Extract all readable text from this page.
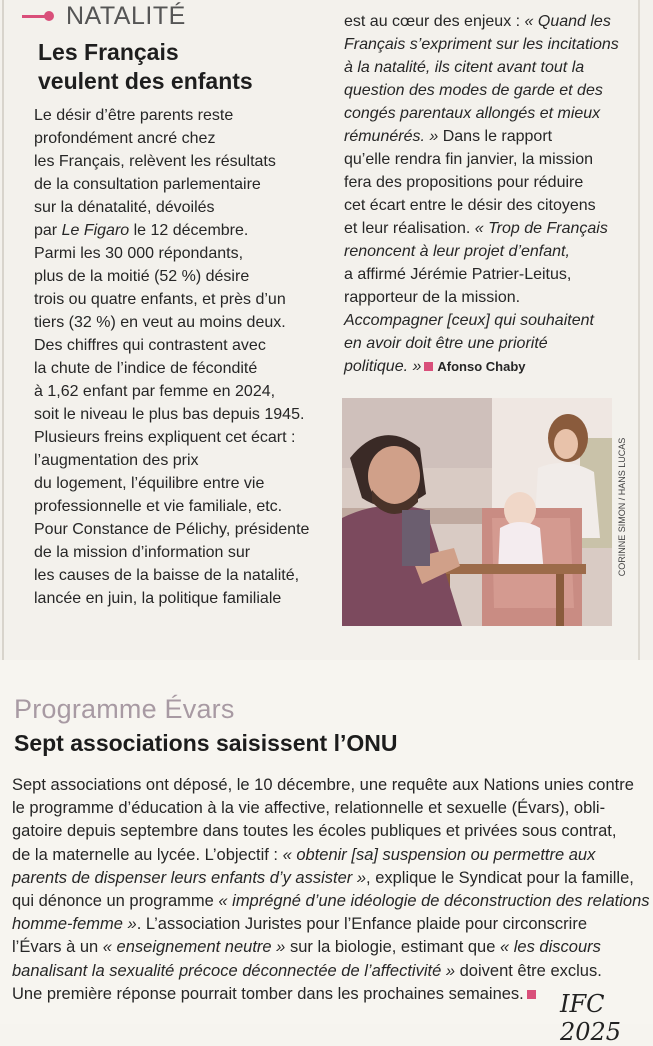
NATALITÉ
Les Français
veulent des enfants
Le désir d’être parents reste
profondément ancré chez
les Français, relèvent les résultats
de la consultation parlementaire
sur la dénatalité, dévoilés
par Le Figaro le 12 décembre.
Parmi les 30 000 répondants,
plus de la moitié (52 %) désire
trois ou quatre enfants, et près d’un
tiers (32 %) en veut au moins deux.
Des chiffres qui contrastent avec
la chute de l’indice de fécondité
à 1,62 enfant par femme en 2024,
soit le niveau le plus bas depuis 1945.
Plusieurs freins expliquent cet écart :
l’augmentation des prix
du logement, l’équilibre entre vie
professionnelle et vie familiale, etc.
Pour Constance de Pélichy, présidente
de la mission d’information sur
les causes de la baisse de la natalité,
lancée en juin, la politique familiale
est au cœur des enjeux : « Quand les
Français s’expriment sur les incitations
à la natalité, ils citent avant tout la
question des modes de garde et des
congés parentaux allongés et mieux
rémunérés. » Dans le rapport
qu’elle rendra fin janvier, la mission
fera des propositions pour réduire
cet écart entre le désir des citoyens
et leur réalisation. « Trop de Français
renoncent à leur projet d’enfant,
a affirmé Jérémie Patrier-Leitus,
rapporteur de la mission.
Accompagner [ceux] qui souhaitent
en avoir doit être une priorité
politique. » Afonso Chaby
CORINNE SIMON / HANS LUCAS
Programme Évars
Sept associations saisissent l’ONU
Sept associations ont déposé, le 10 décembre, une requête aux Nations unies contre
le programme d’éducation à la vie affective, relationnelle et sexuelle (Évars), obli-
gatoire depuis septembre dans toutes les écoles publiques et privées sous contrat,
de la maternelle au lycée. L’objectif : « obtenir [sa] suspension ou permettre aux
parents de dispenser leurs enfants d’y assister », explique le Syndicat pour la famille,
qui dénonce un programme « imprégné d’une idéologie de déconstruction des relations
homme-femme ». L’association Juristes pour l’Enfance plaide pour circonscrire
l’Évars à un « enseignement neutre » sur la biologie, estimant que « les discours
banalisant la sexualité précoce déconnectée de l’affectivité » doivent être exclus.
Une première réponse pourrait tomber dans les prochaines semaines.	IFC 2025
